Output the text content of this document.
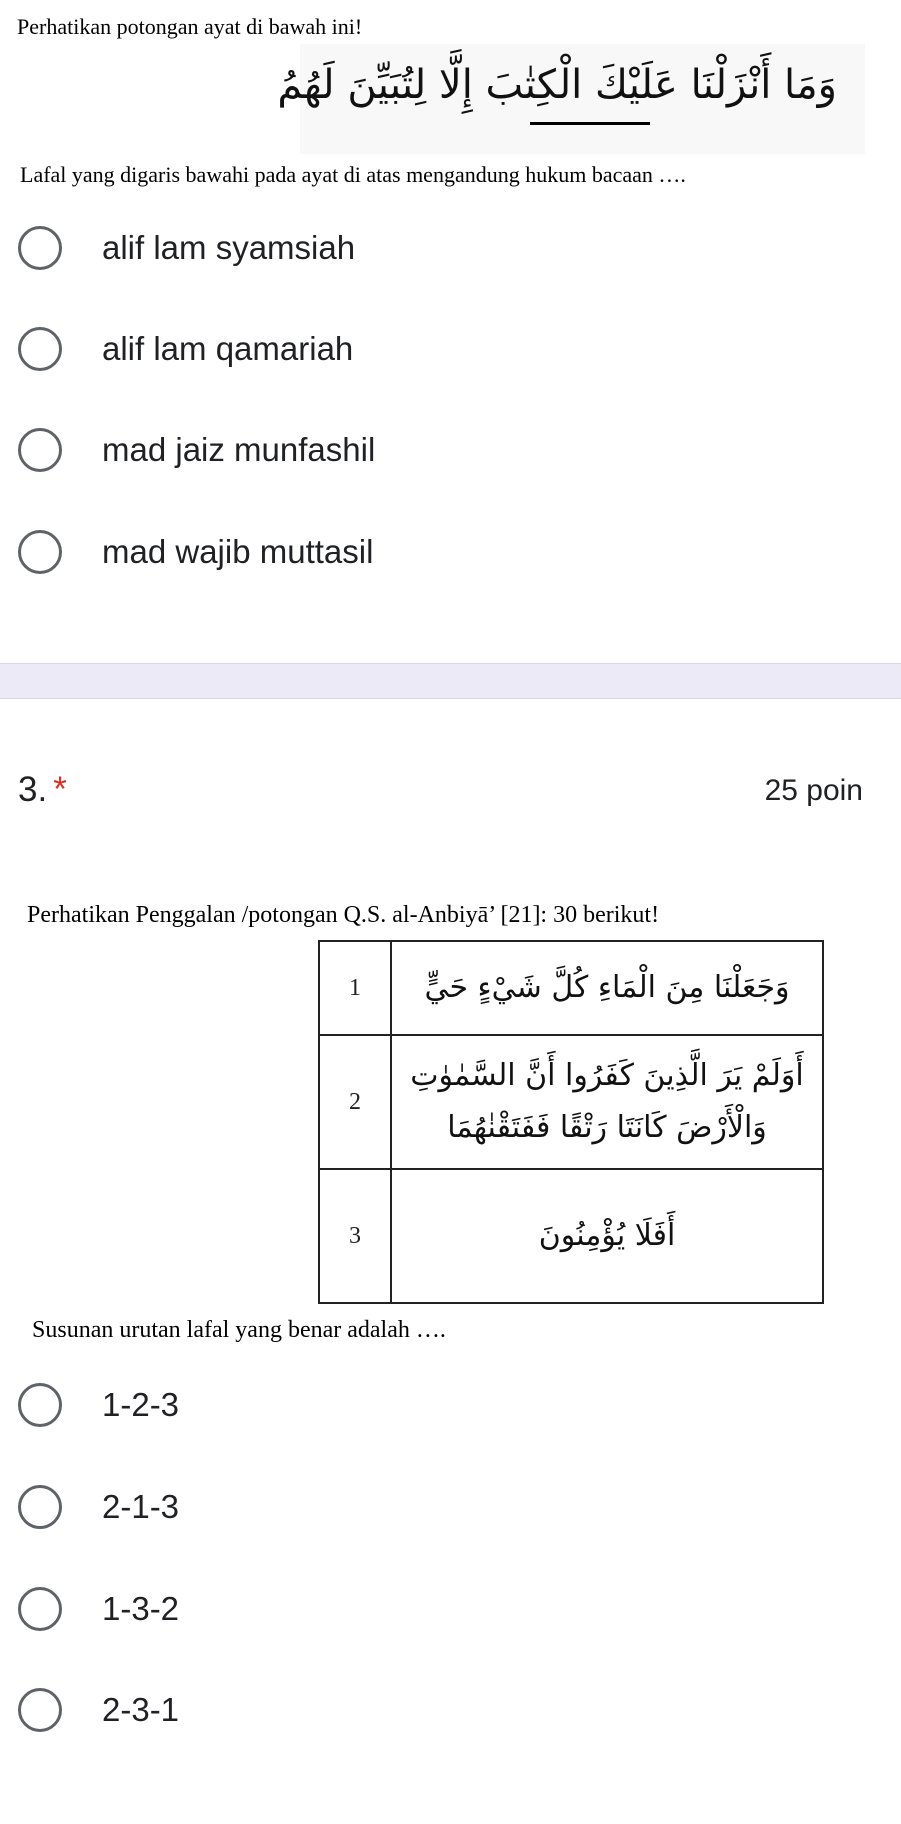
Perhatikan potongan ayat di bawah ini!
وَمَا أَنْزَلْنَا عَلَيْكَ الْكِتٰبَ إِلَّا لِتُبَيِّنَ لَهُمُ
Lafal yang digaris bawahi pada ayat di atas mengandung hukum bacaan ….
alif lam syamsiah
alif lam qamariah
mad jaiz munfashil
mad wajib muttasil
3. *	25 poin
Perhatikan Penggalan /potongan Q.S. al-Anbiyā’ [21]: 30 berikut!
1	وَجَعَلْنَا مِنَ الْمَاءِ كُلَّ شَيْءٍ حَيٍّ
2	أَوَلَمْ يَرَ الَّذِينَ كَفَرُوا أَنَّ السَّمٰوٰتِ وَالْأَرْضَ كَانَتَا رَتْقًا فَفَتَقْنٰهُمَا
3	أَفَلَا يُؤْمِنُونَ
Susunan urutan lafal yang benar adalah ….
1-2-3
2-1-3
1-3-2
2-3-1
